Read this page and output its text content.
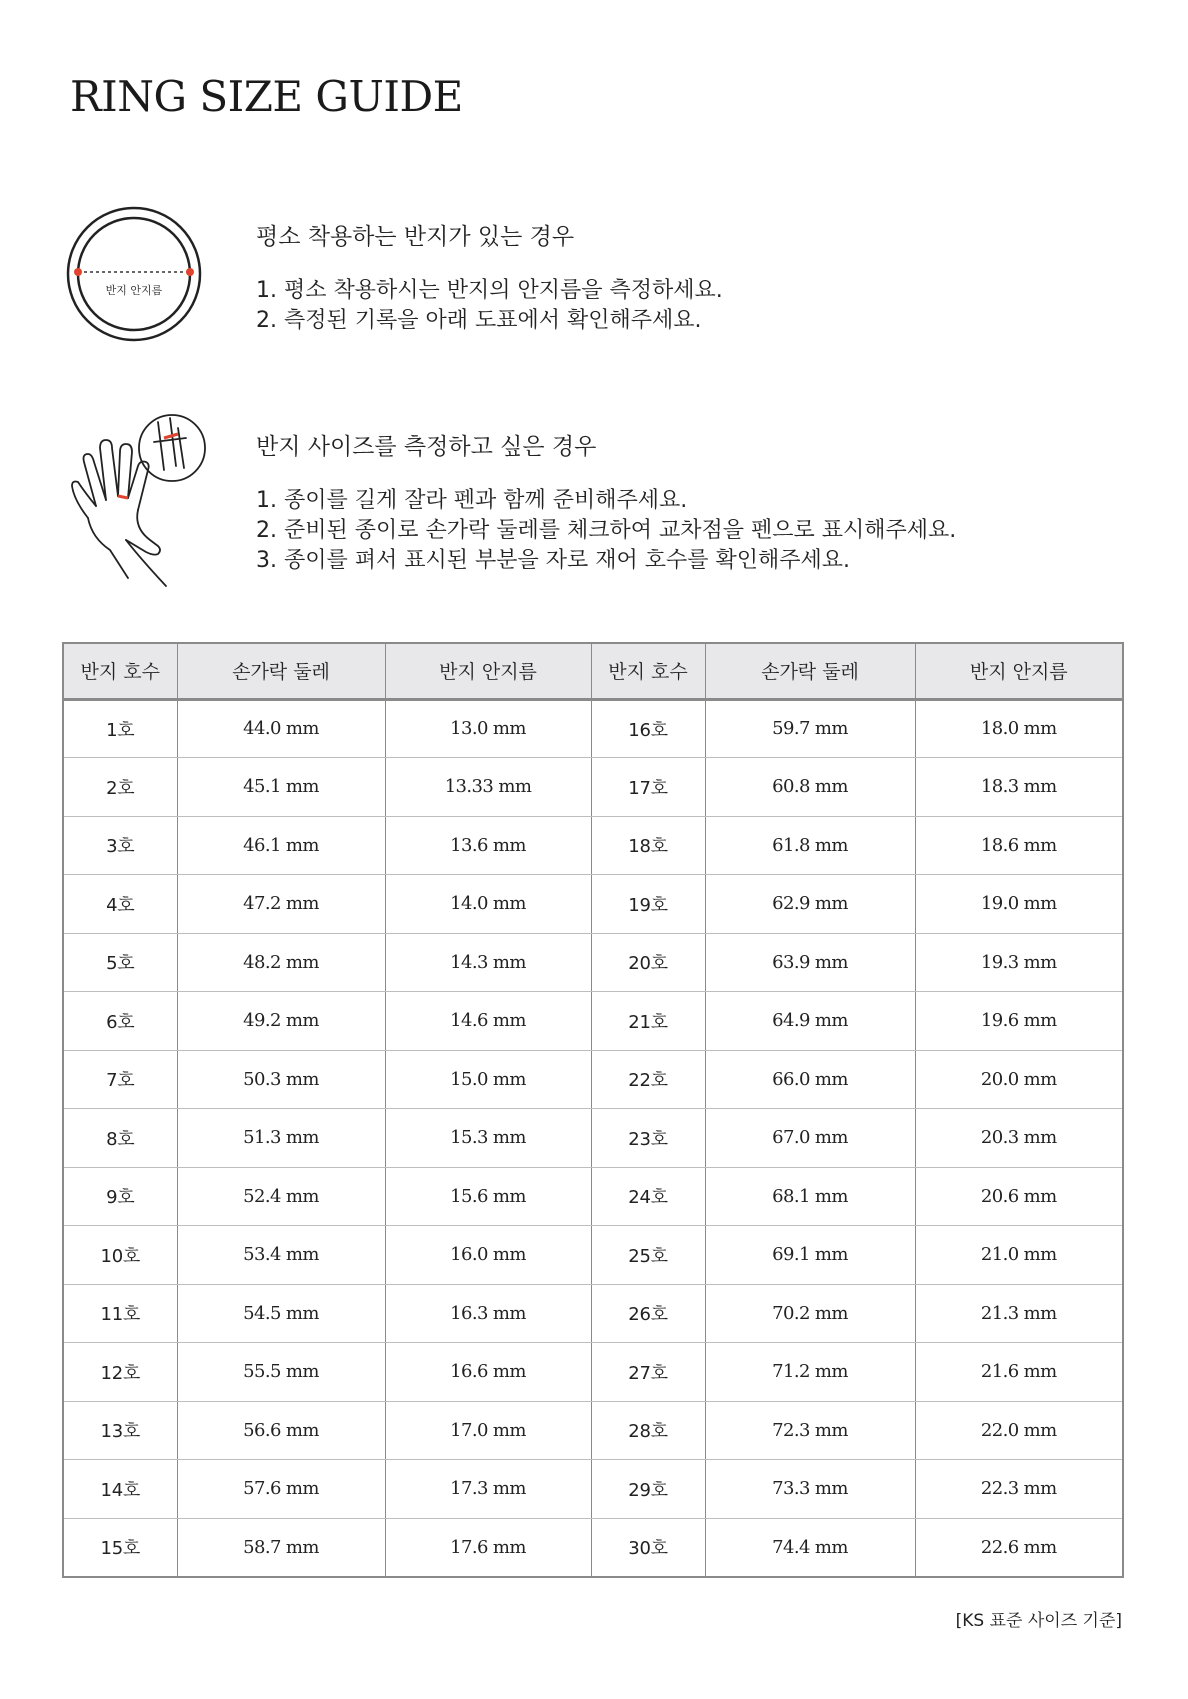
RING SIZE GUIDE
반지 안지름
평소 착용하는 반지가 있는 경우
1. 평소 착용하시는 반지의 안지름을 측정하세요.
2. 측정된 기록을 아래 도표에서 확인해주세요.
반지 사이즈를 측정하고 싶은 경우
1. 종이를 길게 잘라 펜과 함께 준비해주세요.
2. 준비된 종이로 손가락 둘레를 체크하여 교차점을 펜으로 표시해주세요.
3. 종이를 펴서 표시된 부분을 자로 재어 호수를 확인해주세요.
반지 호수	손가락 둘레	반지 안지름	반지 호수	손가락 둘레	반지 안지름
1호	44.0 mm	13.0 mm	16호	59.7 mm	18.0 mm
2호	45.1 mm	13.33 mm	17호	60.8 mm	18.3 mm
3호	46.1 mm	13.6 mm	18호	61.8 mm	18.6 mm
4호	47.2 mm	14.0 mm	19호	62.9 mm	19.0 mm
5호	48.2 mm	14.3 mm	20호	63.9 mm	19.3 mm
6호	49.2 mm	14.6 mm	21호	64.9 mm	19.6 mm
7호	50.3 mm	15.0 mm	22호	66.0 mm	20.0 mm
8호	51.3 mm	15.3 mm	23호	67.0 mm	20.3 mm
9호	52.4 mm	15.6 mm	24호	68.1 mm	20.6 mm
10호	53.4 mm	16.0 mm	25호	69.1 mm	21.0 mm
11호	54.5 mm	16.3 mm	26호	70.2 mm	21.3 mm
12호	55.5 mm	16.6 mm	27호	71.2 mm	21.6 mm
13호	56.6 mm	17.0 mm	28호	72.3 mm	22.0 mm
14호	57.6 mm	17.3 mm	29호	73.3 mm	22.3 mm
15호	58.7 mm	17.6 mm	30호	74.4 mm	22.6 mm
[KS 표준 사이즈 기준]
